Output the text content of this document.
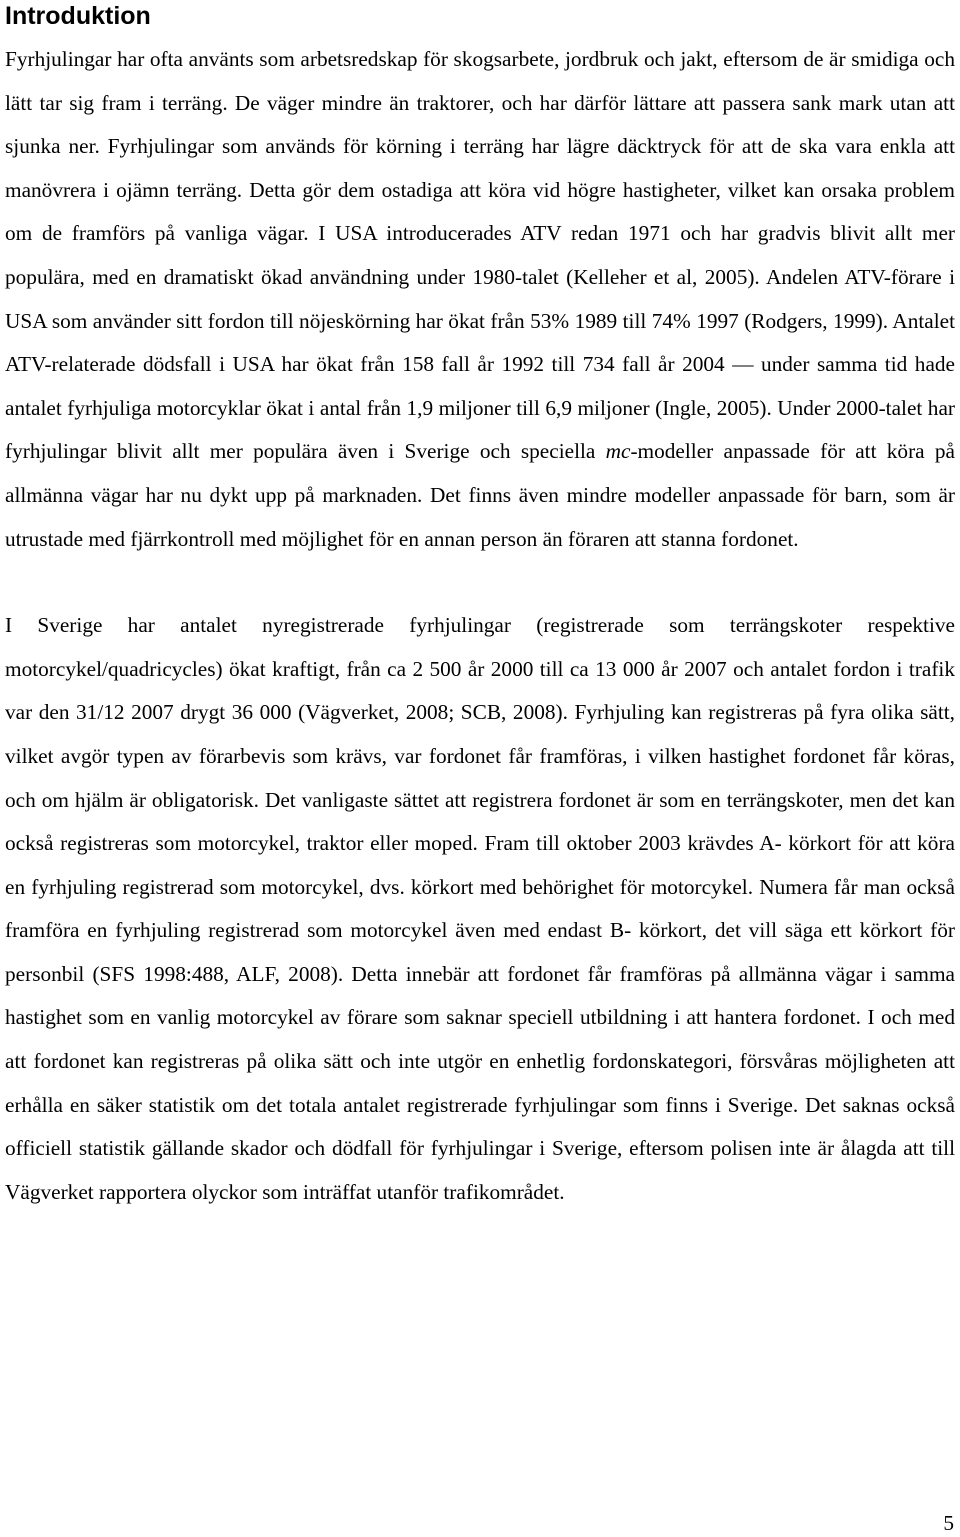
Introduktion

Fyrhjulingar har ofta använts som arbetsredskap för skogsarbete, jordbruk och jakt, eftersom de är smidiga och lätt tar sig fram i terräng. De väger mindre än traktorer, och har därför lättare att passera sank mark utan att sjunka ner. Fyrhjulingar som används för körning i terräng har lägre däcktryck för att de ska vara enkla att manövrera i ojämn terräng. Detta gör dem ostadiga att köra vid högre hastigheter, vilket kan orsaka problem om de framförs på vanliga vägar. I USA introducerades ATV redan 1971 och har gradvis blivit allt mer populära, med en dramatiskt ökad användning under 1980-talet (Kelleher et al, 2005). Andelen ATV-förare i USA som använder sitt fordon till nöjeskörning har ökat från 53% 1989 till 74% 1997 (Rodgers, 1999). Antalet ATV-relaterade dödsfall i USA har ökat från 158 fall år 1992 till 734 fall år 2004 — under samma tid hade antalet fyrhjuliga motorcyklar ökat i antal från 1,9 miljoner till 6,9 miljoner (Ingle, 2005). Under 2000-talet har fyrhjulingar blivit allt mer populära även i Sverige och speciella mc-modeller anpassade för att köra på allmänna vägar har nu dykt upp på marknaden. Det finns även mindre modeller anpassade för barn, som är utrustade med fjärrkontroll med möjlighet för en annan person än föraren att stanna fordonet.

I Sverige har antalet nyregistrerade fyrhjulingar (registrerade som terrängskoter respektive motorcykel/quadricycles) ökat kraftigt, från ca 2 500 år 2000 till ca 13 000 år 2007 och antalet fordon i trafik var den 31/12 2007 drygt 36 000 (Vägverket, 2008; SCB, 2008). Fyrhjuling kan registreras på fyra olika sätt, vilket avgör typen av förarbevis som krävs, var fordonet får framföras, i vilken hastighet fordonet får köras, och om hjälm är obligatorisk. Det vanligaste sättet att registrera fordonet är som en terrängskoter, men det kan också registreras som motorcykel, traktor eller moped. Fram till oktober 2003 krävdes A- körkort för att köra en fyrhjuling registrerad som motorcykel, dvs. körkort med behörighet för motorcykel. Numera får man också framföra en fyrhjuling registrerad som motorcykel även med endast B- körkort, det vill säga ett körkort för personbil (SFS 1998:488, ALF, 2008). Detta innebär att fordonet får framföras på allmänna vägar i samma hastighet som en vanlig motorcykel av förare som saknar speciell utbildning i att hantera fordonet. I och med att fordonet kan registreras på olika sätt och inte utgör en enhetlig fordonskategori, försvåras möjligheten att erhålla en säker statistik om det totala antalet registrerade fyrhjulingar som finns i Sverige. Det saknas också officiell statistik gällande skador och dödfall för fyrhjulingar i Sverige, eftersom polisen inte är ålagda att till Vägverket rapportera olyckor som inträffat utanför trafikområdet.

5
